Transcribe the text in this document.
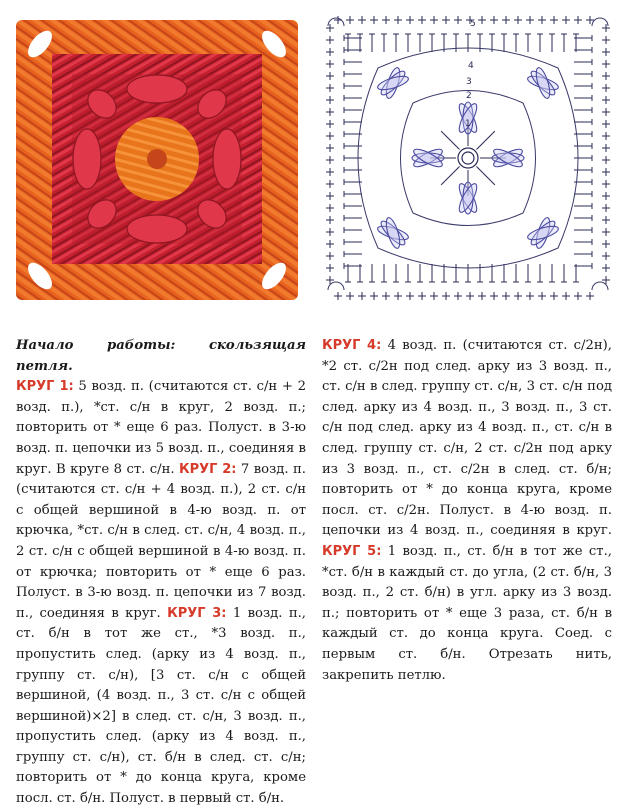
5
4
3
2
1

Начало работы: скользящая петля.
КРУГ 1: 5 возд. п. (считаются ст. с/н + 2 возд. п.), *ст. с/н в круг, 2 возд. п.; повторить от * еще 6 раз. Полуст. в 3-ю возд. п. цепочки из 5 возд. п., соединяя в круг. В круге 8 ст. с/н. КРУГ 2: 7 возд. п. (считаются ст. с/н + 4 возд. п.), 2 ст. с/н с общей вершиной в 4-ю возд. п. от крючка, *ст. с/н в след. ст. с/н, 4 возд. п., 2 ст. с/н с общей вершиной в 4-ю возд. п. от крючка; повторить от * еще 6 раз. Полуст. в 3-ю возд. п. цепочки из 7 возд. п., соединяя в круг. КРУГ 3: 1 возд. п., ст. б/н в тот же ст., *3 возд. п., пропустить след. (арку из 4 возд. п., группу ст. с/н), [3 ст. с/н с общей вершиной, (4 возд. п., 3 ст. с/н с общей вершиной)×2] в след. ст. с/н, 3 возд. п., пропустить след. (арку из 4 возд. п., группу ст. с/н), ст. б/н в след. ст. с/н; повторить от * до конца круга, кроме посл. ст. б/н. Полуст. в первый ст. б/н.

КРУГ 4: 4 возд. п. (считаются ст. с/2н), *2 ст. с/2н под след. арку из 3 возд. п., ст. с/н в след. группу ст. с/н, 3 ст. с/н под след. арку из 4 возд. п., 3 возд. п., 3 ст. с/н под след. арку из 4 возд. п., ст. с/н в след. группу ст. с/н, 2 ст. с/2н под арку из 3 возд. п., ст. с/2н в след. ст. б/н; повторить от * до конца круга, кроме посл. ст. с/2н. Полуст. в 4-ю возд. п. цепочки из 4 возд. п., соединяя в круг. КРУГ 5: 1 возд. п., ст. б/н в тот же ст., *ст. б/н в каждый ст. до угла, (2 ст. б/н, 3 возд. п., 2 ст. б/н) в угл. арку из 3 возд. п.; повторить от * еще 3 раза, ст. б/н в каждый ст. до конца круга. Соед. с первым ст. б/н. Отрезать нить, закрепить петлю.
